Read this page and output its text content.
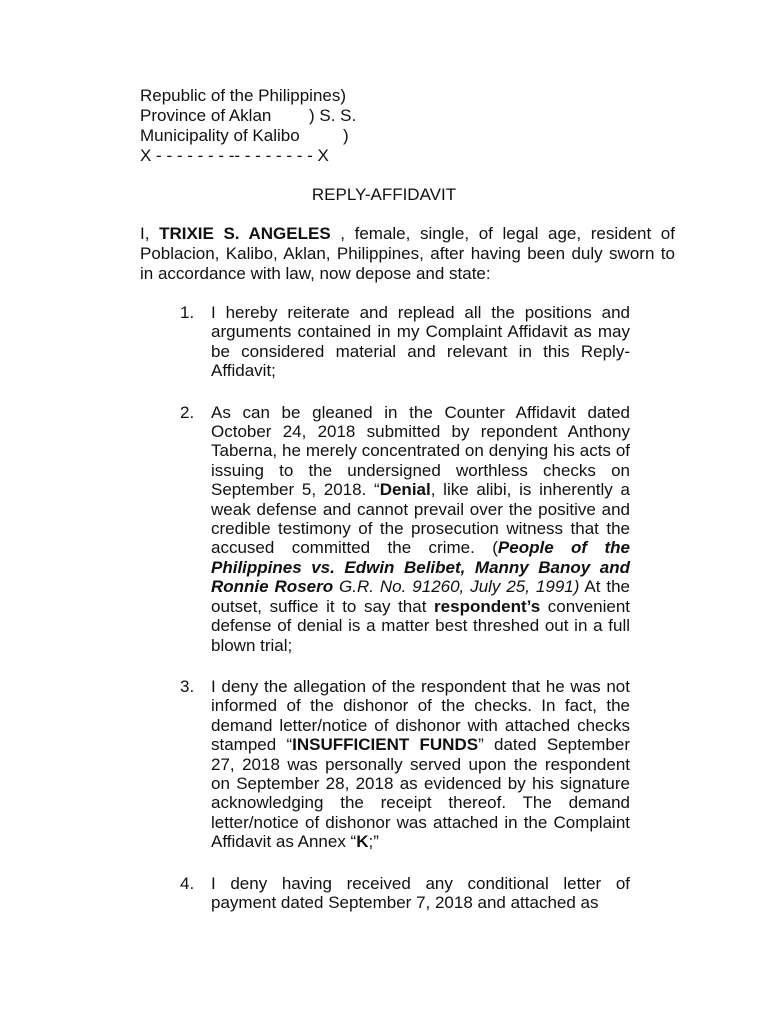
Republic of the Philippines)
Province of Aklan ) S. S.
Municipality of Kalibo	)
X - - - - - - - -- - - - - - - - X
REPLY-AFFIDAVIT
I, TRIXIE S. ANGELES , female, single, of legal age, resident of Poblacion, Kalibo, Aklan, Philippines, after having been duly sworn to in accordance with law, now depose and state:
1. I hereby reiterate and replead all the positions and arguments contained in my Complaint Affidavit as may be considered material and relevant in this Reply-Affidavit;
2. As can be gleaned in the Counter Affidavit dated October 24, 2018 submitted by repondent Anthony Taberna, he merely concentrated on denying his acts of issuing to the undersigned worthless checks on September 5, 2018. “Denial, like alibi, is inherently a weak defense and cannot prevail over the positive and credible testimony of the prosecution witness that the accused committed the crime. (People of the Philippines vs. Edwin Belibet, Manny Banoy and Ronnie Rosero G.R. No. 91260, July 25, 1991) At the outset, suffice it to say that respondent’s convenient defense of denial is a matter best threshed out in a full blown trial;
3. I deny the allegation of the respondent that he was not informed of the dishonor of the checks. In fact, the demand letter/notice of dishonor with attached checks stamped “INSUFFICIENT FUNDS” dated September 27, 2018 was personally served upon the respondent on September 28, 2018 as evidenced by his signature acknowledging the receipt thereof. The demand letter/notice of dishonor was attached in the Complaint Affidavit as Annex “K;”
4. I deny having received any conditional letter of payment dated September 7, 2018 and attached as
